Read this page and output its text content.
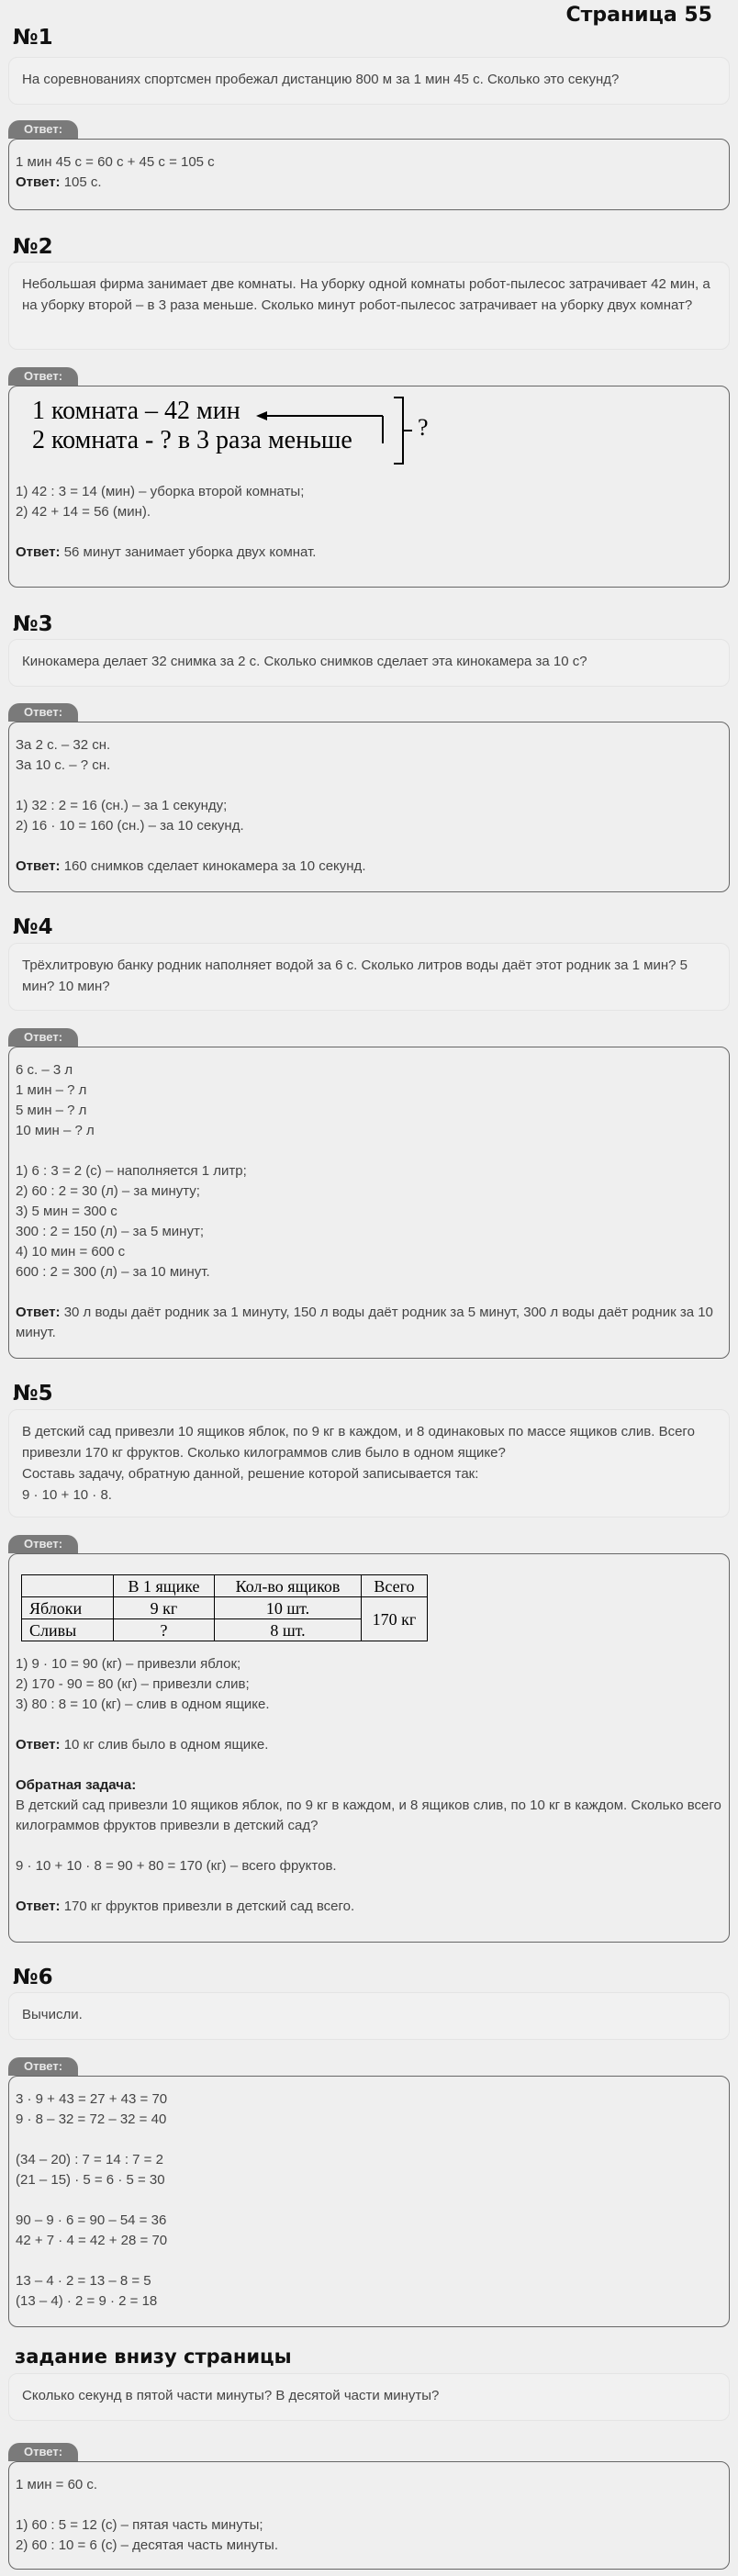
Страница 55
№1
На соревнованиях спортсмен пробежал дистанцию 800 м за 1 мин 45 с. Сколько это секунд?
Ответ:
1 мин 45 с = 60 с + 45 с = 105 с
Ответ: 105 с.
№2
Небольшая фирма занимает две комнаты. На уборку одной комнаты робот-пылесос затрачивает 42 мин, а на уборку второй – в 3 раза меньше. Сколько минут робот-пылесос затрачивает на уборку двух комнат?
Ответ:
1 комната – 42 мин
2 комната - ? в 3 раза меньше	?
1) 42 : 3 = 14 (мин) – уборка второй комнаты;
2) 42 + 14 = 56 (мин).
Ответ: 56 минут занимает уборка двух комнат.
№3
Кинокамера делает 32 снимка за 2 с. Сколько снимков сделает эта кинокамера за 10 с?
Ответ:
За 2 с. – 32 сн.
За 10 с. – ? сн.
1) 32 : 2 = 16 (сн.) – за 1 секунду;
2) 16 · 10 = 160 (сн.) – за 10 секунд.
Ответ: 160 снимков сделает кинокамера за 10 секунд.
№4
Трёхлитровую банку родник наполняет водой за 6 с. Сколько литров воды даёт этот родник за 1 мин? 5 мин? 10 мин?
Ответ:
6 с. – 3 л
1 мин – ? л
5 мин – ? л
10 мин – ? л
1) 6 : 3 = 2 (с) – наполняется 1 литр;
2) 60 : 2 = 30 (л) – за минуту;
3) 5 мин = 300 с
300 : 2 = 150 (л) – за 5 минут;
4) 10 мин = 600 с
600 : 2 = 300 (л) – за 10 минут.
Ответ: 30 л воды даёт родник за 1 минуту, 150 л воды даёт родник за 5 минут, 300 л воды даёт родник за 10 минут.
№5
В детский сад привезли 10 ящиков яблок, по 9 кг в каждом, и 8 одинаковых по массе ящиков слив. Всего привезли 170 кг фруктов. Сколько килограммов слив было в одном ящике?
Составь задачу, обратную данной, решение которой записывается так:
9 · 10 + 10 · 8.
Ответ:
	В 1 ящике	Кол-во ящиков	Всего
Яблоки	9 кг	10 шт.	170 кг
Сливы	?	8 шт.	
1) 9 · 10 = 90 (кг) – привезли яблок;
2) 170 - 90 = 80 (кг) – привезли слив;
3) 80 : 8 = 10 (кг) – слив в одном ящике.
Ответ: 10 кг слив было в одном ящике.
Обратная задача:
В детский сад привезли 10 ящиков яблок, по 9 кг в каждом, и 8 ящиков слив, по 10 кг в каждом. Сколько всего килограммов фруктов привезли в детский сад?
9 · 10 + 10 · 8 = 90 + 80 = 170 (кг) – всего фруктов.
Ответ: 170 кг фруктов привезли в детский сад всего.
№6
Вычисли.
Ответ:
3 · 9 + 43 = 27 + 43 = 70
9 · 8 – 32 = 72 – 32 = 40
(34 – 20) : 7 = 14 : 7 = 2
(21 – 15) · 5 = 6 · 5 = 30
90 – 9 · 6 = 90 – 54 = 36
42 + 7 · 4 = 42 + 28 = 70
13 – 4 · 2 = 13 – 8 = 5
(13 – 4) · 2 = 9 · 2 = 18
задание внизу страницы
Сколько секунд в пятой части минуты? В десятой части минуты?
Ответ:
1 мин = 60 с.
1) 60 : 5 = 12 (с) – пятая часть минуты;
2) 60 : 10 = 6 (с) – десятая часть минуты.
